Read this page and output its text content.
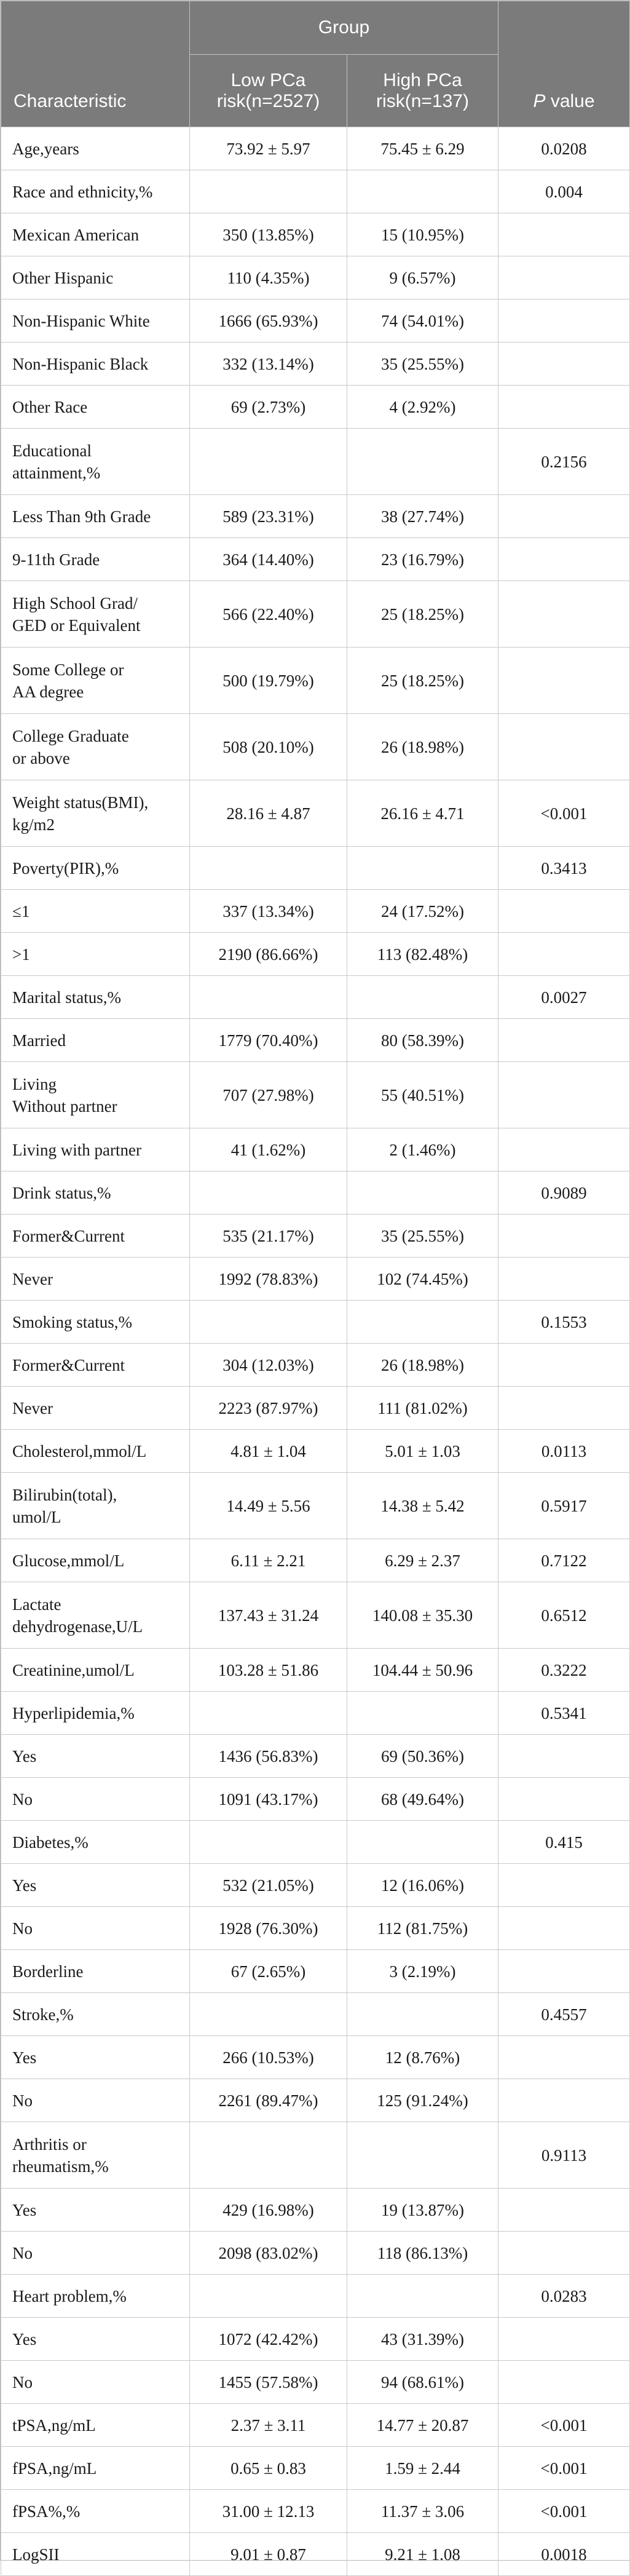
Characteristic	Group		P value
	Low PCa risk(n=2527)	High PCa risk(n=137)	
Age,years	73.92 ± 5.97	75.45 ± 6.29	0.0208
Race and ethnicity,%			0.004
Mexican American	350 (13.85%)	15 (10.95%)	
Other Hispanic	110 (4.35%)	9 (6.57%)	
Non-Hispanic White	1666 (65.93%)	74 (54.01%)	
Non-Hispanic Black	332 (13.14%)	35 (25.55%)	
Other Race	69 (2.73%)	4 (2.92%)	
Educational
attainment,%			0.2156
Less Than 9th Grade	589 (23.31%)	38 (27.74%)	
9-11th Grade	364 (14.40%)	23 (16.79%)	
High School Grad/
GED or Equivalent	566 (22.40%)	25 (18.25%)	
Some College or
AA degree	500 (19.79%)	25 (18.25%)	
College Graduate
or above	508 (20.10%)	26 (18.98%)	
Weight status(BMI),
kg/m2	28.16 ± 4.87	26.16 ± 4.71	<0.001
Poverty(PIR),%			0.3413
≤1	337 (13.34%)	24 (17.52%)	
>1	2190 (86.66%)	113 (82.48%)	
Marital status,%			0.0027
Married	1779 (70.40%)	80 (58.39%)	
Living
Without partner	707 (27.98%)	55 (40.51%)	
Living with partner	41 (1.62%)	2 (1.46%)	
Drink status,%			0.9089
Former&Current	535 (21.17%)	35 (25.55%)	
Never	1992 (78.83%)	102 (74.45%)	
Smoking status,%			0.1553
Former&Current	304 (12.03%)	26 (18.98%)	
Never	2223 (87.97%)	111 (81.02%)	
Cholesterol,mmol/L	4.81 ± 1.04	5.01 ± 1.03	0.0113
Bilirubin(total),
umol/L	14.49 ± 5.56	14.38 ± 5.42	0.5917
Glucose,mmol/L	6.11 ± 2.21	6.29 ± 2.37	0.7122
Lactate
dehydrogenase,U/L	137.43 ± 31.24	140.08 ± 35.30	0.6512
Creatinine,umol/L	103.28 ± 51.86	104.44 ± 50.96	0.3222
Hyperlipidemia,%			0.5341
Yes	1436 (56.83%)	69 (50.36%)	
No	1091 (43.17%)	68 (49.64%)	
Diabetes,%			0.415
Yes	532 (21.05%)	12 (16.06%)	
No	1928 (76.30%)	112 (81.75%)	
Borderline	67 (2.65%)	3 (2.19%)	
Stroke,%			0.4557
Yes	266 (10.53%)	12 (8.76%)	
No	2261 (89.47%)	125 (91.24%)	
Arthritis or
rheumatism,%			0.9113
Yes	429 (16.98%)	19 (13.87%)	
No	2098 (83.02%)	118 (86.13%)	
Heart problem,%			0.0283
Yes	1072 (42.42%)	43 (31.39%)	
No	1455 (57.58%)	94 (68.61%)	
tPSA,ng/mL	2.37 ± 3.11	14.77 ± 20.87	<0.001
fPSA,ng/mL	0.65 ± 0.83	1.59 ± 2.44	<0.001
fPSA%,%	31.00 ± 12.13	11.37 ± 3.06	<0.001
LogSII	9.01 ± 0.87	9.21 ± 1.08	0.0018
